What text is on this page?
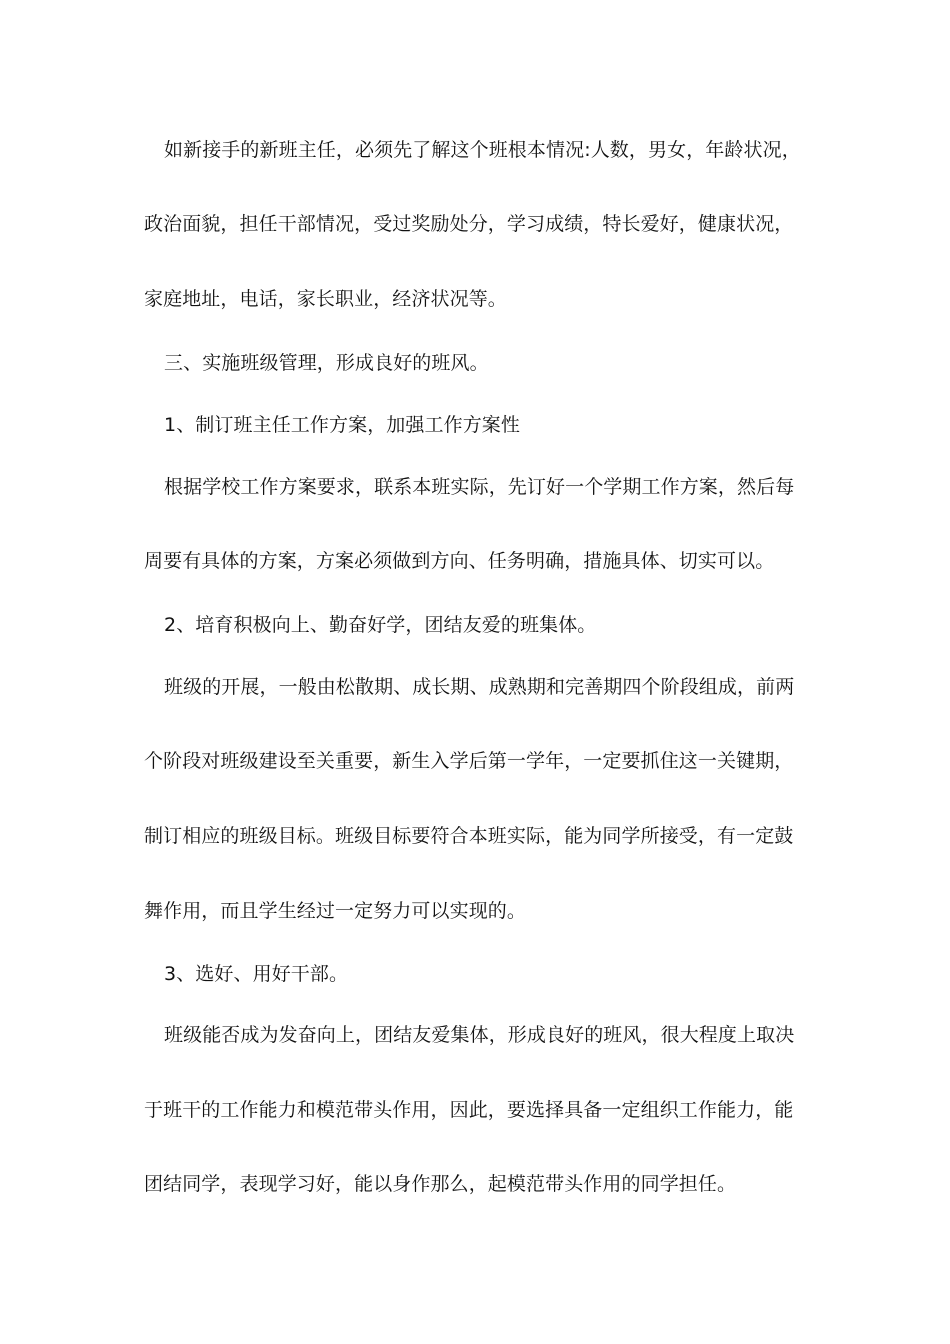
如新接手的新班主任，必须先了解这个班根本情况:人数，男女，年龄状况，
政治面貌，担任干部情况，受过奖励处分，学习成绩，特长爱好，健康状况，
家庭地址，电话，家长职业，经济状况等。
三、实施班级管理，形成良好的班风。
1、制订班主任工作方案，加强工作方案性
根据学校工作方案要求，联系本班实际，先订好一个学期工作方案，然后每
周要有具体的方案，方案必须做到方向、任务明确，措施具体、切实可以。
2、培育积极向上、勤奋好学，团结友爱的班集体。
班级的开展，一般由松散期、成长期、成熟期和完善期四个阶段组成，前两
个阶段对班级建设至关重要，新生入学后第一学年，一定要抓住这一关键期，
制订相应的班级目标。班级目标要符合本班实际，能为同学所接受，有一定鼓
舞作用，而且学生经过一定努力可以实现的。
3、选好、用好干部。
班级能否成为发奋向上，团结友爱集体，形成良好的班风，很大程度上取决
于班干的工作能力和模范带头作用，因此，要选择具备一定组织工作能力，能
团结同学，表现学习好，能以身作那么，起模范带头作用的同学担任。
